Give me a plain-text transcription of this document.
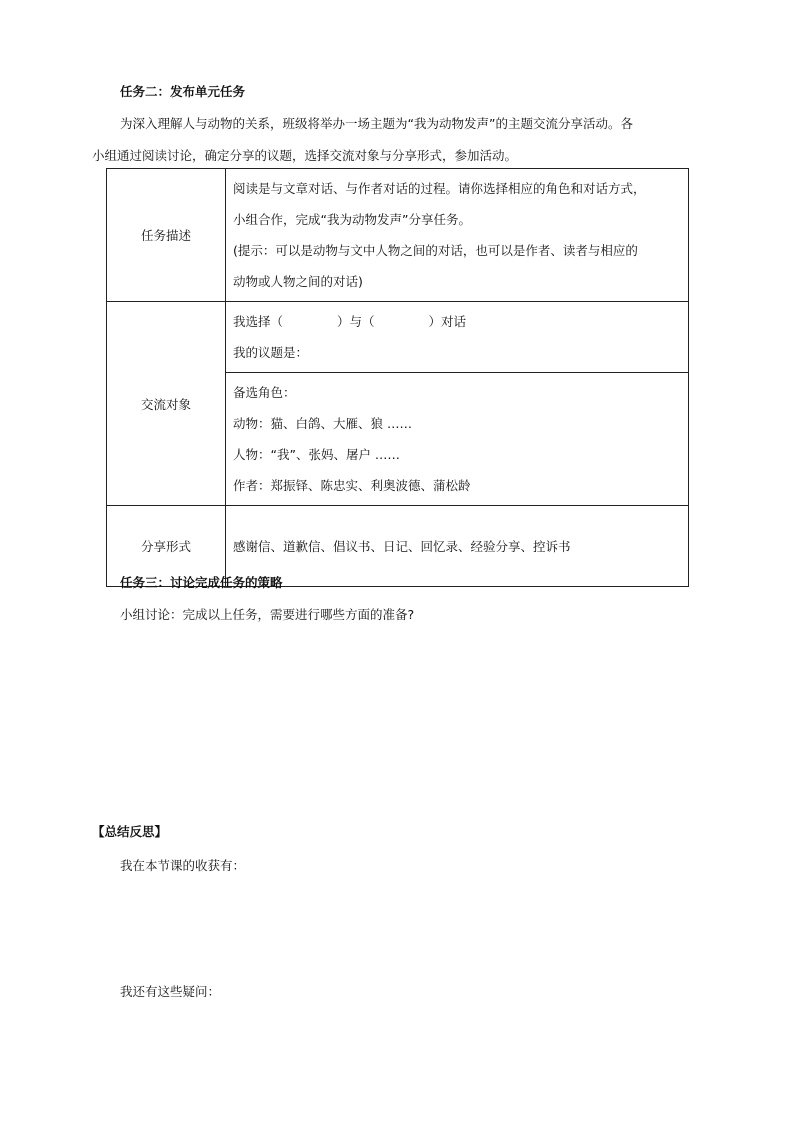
任务二：发布单元任务
为深入理解人与动物的关系，班级将举办一场主题为“我为动物发声”的主题交流分享活动。各
小组通过阅读讨论，确定分享的议题，选择交流对象与分享形式，参加活动。
任务描述	阅读是与文章对话、与作者对话的过程。请你选择相应的角色和对话方式，
小组合作，完成“我为动物发声”分享任务。
(提示：可以是动物与文中人物之间的对话，也可以是作者、读者与相应的
动物或人物之间的对话)

交流对象	我选择（ ）与（ ）对话
我的议题是：

	备选角色：
动物：猫、白鸽、大雁、狼 ……
人物：“我”、张妈、屠户 ……
作者：郑振铎、陈忠实、利奥波德、蒲松龄

分享形式	感谢信、道歉信、倡议书、日记、回忆录、经验分享、控诉书
任务三：讨论完成任务的策略
小组讨论：完成以上任务，需要进行哪些方面的准备?
【总结反思】
我在本节课的收获有：
我还有这些疑问：
